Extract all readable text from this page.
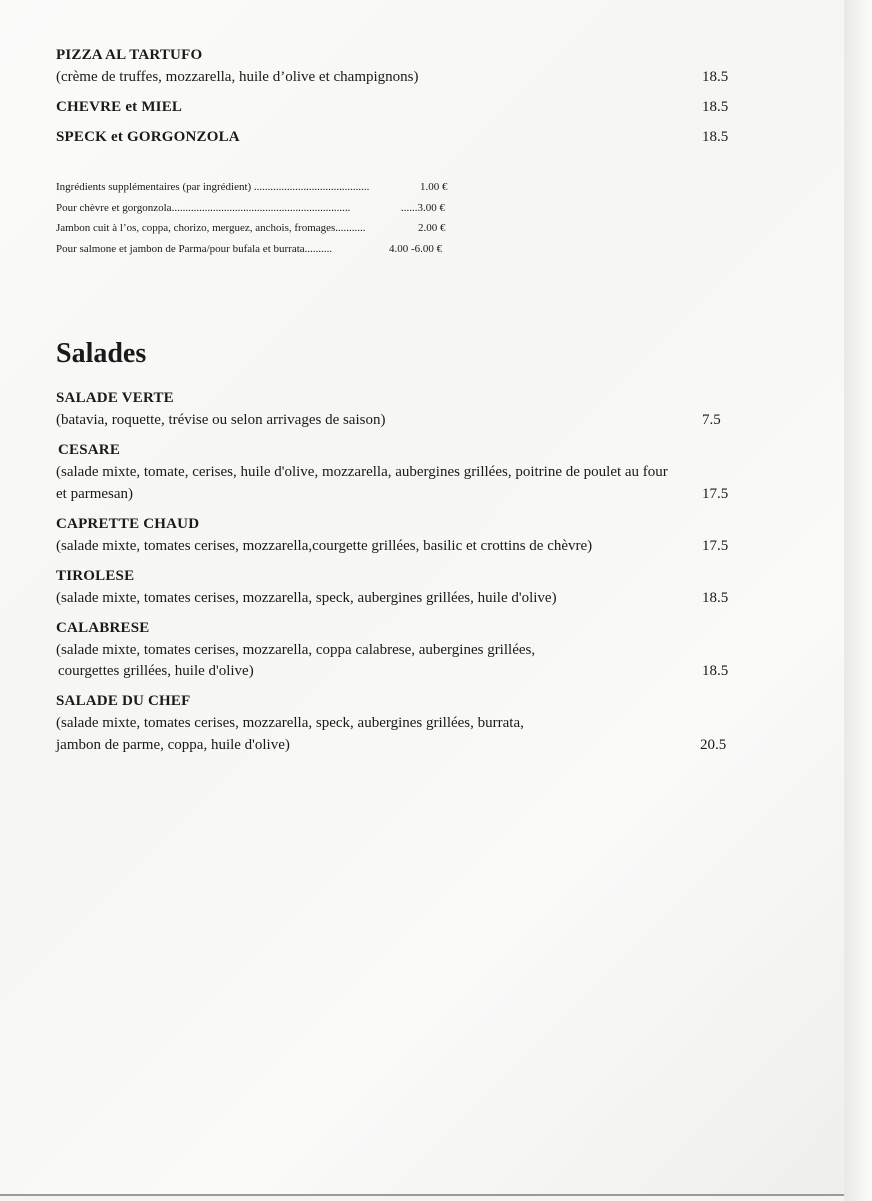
PIZZA AL TARTUFO
(crème de truffes, mozzarella, huile d’olive et champignons)	18.5
CHEVRE et MIEL	18.5
SPECK et GORGONZOLA	18.5
Ingrédients supplémentaires (par ingrédient) ..........................................	1.00 €
Pour chèvre et gorgonzola.................................................................	......3.00 €
Jambon cuit à l’os, coppa, chorizo, merguez, anchois, fromages...........	2.00 €
Pour salmone et jambon de Parma/pour bufala et burrata..........	4.00 -6.00 €
Salades
SALADE VERTE
(batavia, roquette, trévise ou selon arrivages de saison)	7.5
CESARE
(salade mixte, tomate, cerises, huile d'olive, mozzarella, aubergines grillées, poitrine de poulet au four
et parmesan)	17.5
CAPRETTE CHAUD
(salade mixte, tomates cerises, mozzarella,courgette grillées, basilic et crottins de chèvre)	17.5
TIROLESE
(salade mixte, tomates cerises, mozzarella, speck, aubergines grillées, huile d'olive)	18.5
CALABRESE
(salade mixte, tomates cerises, mozzarella, coppa calabrese, aubergines grillées,
courgettes grillées, huile d'olive)	18.5
SALADE DU CHEF
(salade mixte, tomates cerises, mozzarella, speck, aubergines grillées, burrata,
jambon de parme, coppa, huile d'olive)	20.5
